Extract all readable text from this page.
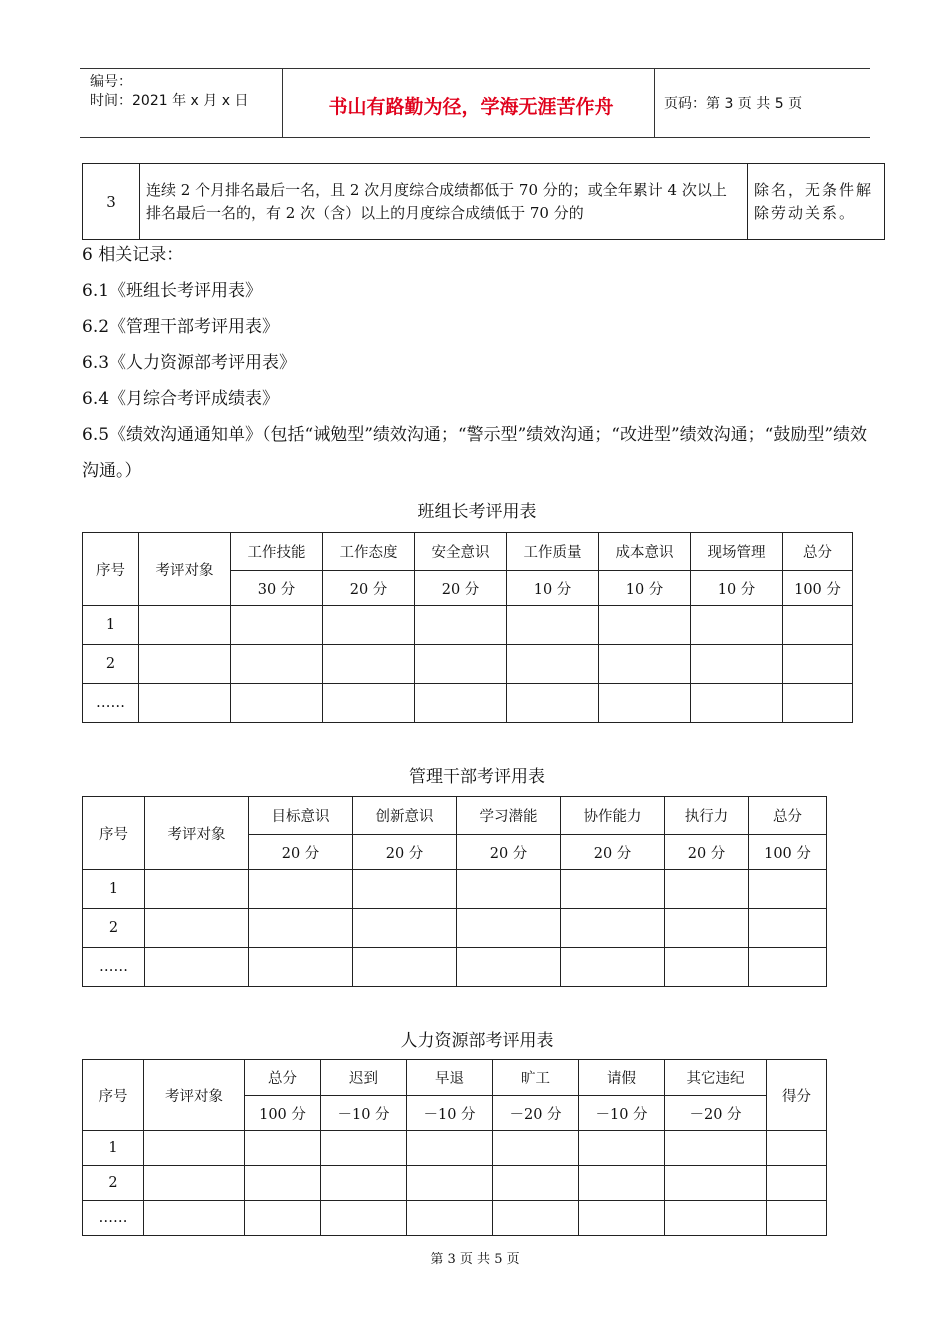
编号：
时间：2021 年 x 月 x 日	书山有路勤为径，学海无涯苦作舟	页码：第 3 页 共 5 页
3	连续 2 个月排名最后一名，且 2 次月度综合成绩都低于 70 分的；或全年累计 4 次以上排名最后一名的，有 2 次（含）以上的月度综合成绩低于 70 分的	除名，无条件解除劳动关系。
6 相关记录：
6.1《班组长考评用表》
6.2《管理干部考评用表》
6.3《人力资源部考评用表》
6.4《月综合考评成绩表》
6.5《绩效沟通通知单》（包括“诫勉型”绩效沟通；“警示型”绩效沟通；“改进型”绩效沟通；“鼓励型”绩效沟通。）
班组长考评用表
序号	考评对象	工作技能	工作态度	安全意识	工作质量	成本意识	现场管理	总分
		30 分	20 分	20 分	10 分	10 分	10 分	100 分
1								
2								
……								
管理干部考评用表
序号	考评对象	目标意识	创新意识	学习潜能	协作能力	执行力	总分
		20 分	20 分	20 分	20 分	20 分	100 分
1							
2							
……							
人力资源部考评用表
序号	考评对象	总分	迟到	早退	旷工	请假	其它违纪	得分
		100 分	－10 分	－10 分	－20 分	－10 分	－20 分	
1								
2								
……								
第 3 页 共 5 页
